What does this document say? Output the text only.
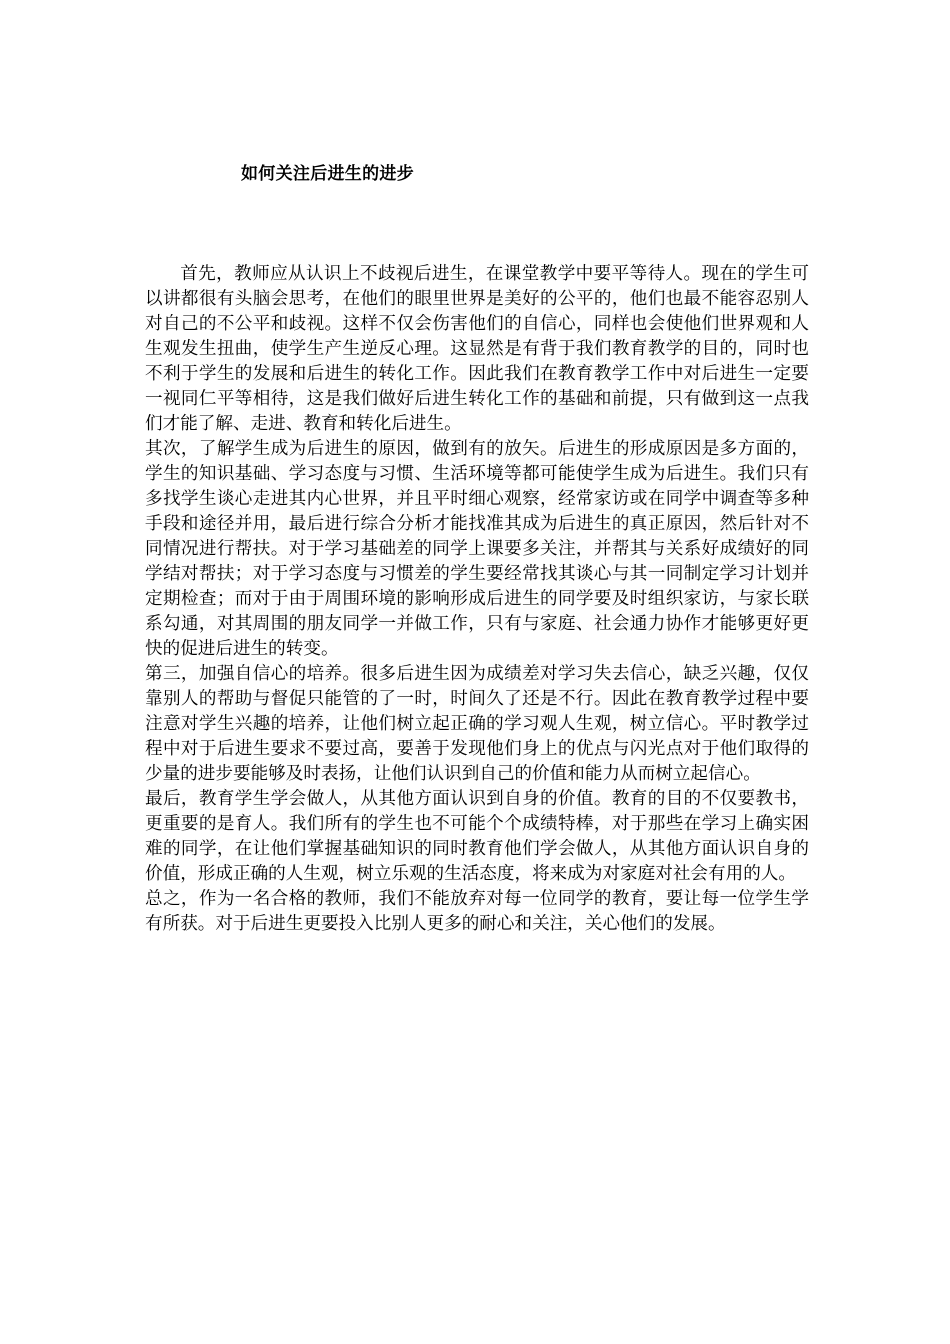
如何关注后进生的进步

首先，教师应从认识上不歧视后进生，在课堂教学中要平等待人。现在的学生可以讲都很有头脑会思考，在他们的眼里世界是美好的公平的，他们也最不能容忍别人对自己的不公平和歧视。这样不仅会伤害他们的自信心，同样也会使他们世界观和人生观发生扭曲，使学生产生逆反心理。这显然是有背于我们教育教学的目的，同时也不利于学生的发展和后进生的转化工作。因此我们在教育教学工作中对后进生一定要一视同仁平等相待，这是我们做好后进生转化工作的基础和前提，只有做到这一点我们才能了解、走进、教育和转化后进生。

其次，了解学生成为后进生的原因，做到有的放矢。后进生的形成原因是多方面的，学生的知识基础、学习态度与习惯、生活环境等都可能使学生成为后进生。我们只有多找学生谈心走进其内心世界，并且平时细心观察，经常家访或在同学中调查等多种手段和途径并用，最后进行综合分析才能找准其成为后进生的真正原因，然后针对不同情况进行帮扶。对于学习基础差的同学上课要多关注，并帮其与关系好成绩好的同学结对帮扶；对于学习态度与习惯差的学生要经常找其谈心与其一同制定学习计划并定期检查；而对于由于周围环境的影响形成后进生的同学要及时组织家访，与家长联系勾通，对其周围的朋友同学一并做工作，只有与家庭、社会通力协作才能够更好更快的促进后进生的转变。

第三，加强自信心的培养。很多后进生因为成绩差对学习失去信心，缺乏兴趣，仅仅靠别人的帮助与督促只能管的了一时，时间久了还是不行。因此在教育教学过程中要注意对学生兴趣的培养，让他们树立起正确的学习观人生观，树立信心。平时教学过程中对于后进生要求不要过高，要善于发现他们身上的优点与闪光点对于他们取得的少量的进步要能够及时表扬，让他们认识到自己的价值和能力从而树立起信心。

最后，教育学生学会做人，从其他方面认识到自身的价值。教育的目的不仅要教书，更重要的是育人。我们所有的学生也不可能个个成绩特棒，对于那些在学习上确实困难的同学，在让他们掌握基础知识的同时教育他们学会做人，从其他方面认识自身的价值，形成正确的人生观，树立乐观的生活态度，将来成为对家庭对社会有用的人。

总之，作为一名合格的教师，我们不能放弃对每一位同学的教育，要让每一位学生学有所获。对于后进生更要投入比别人更多的耐心和关注，关心他们的发展。
